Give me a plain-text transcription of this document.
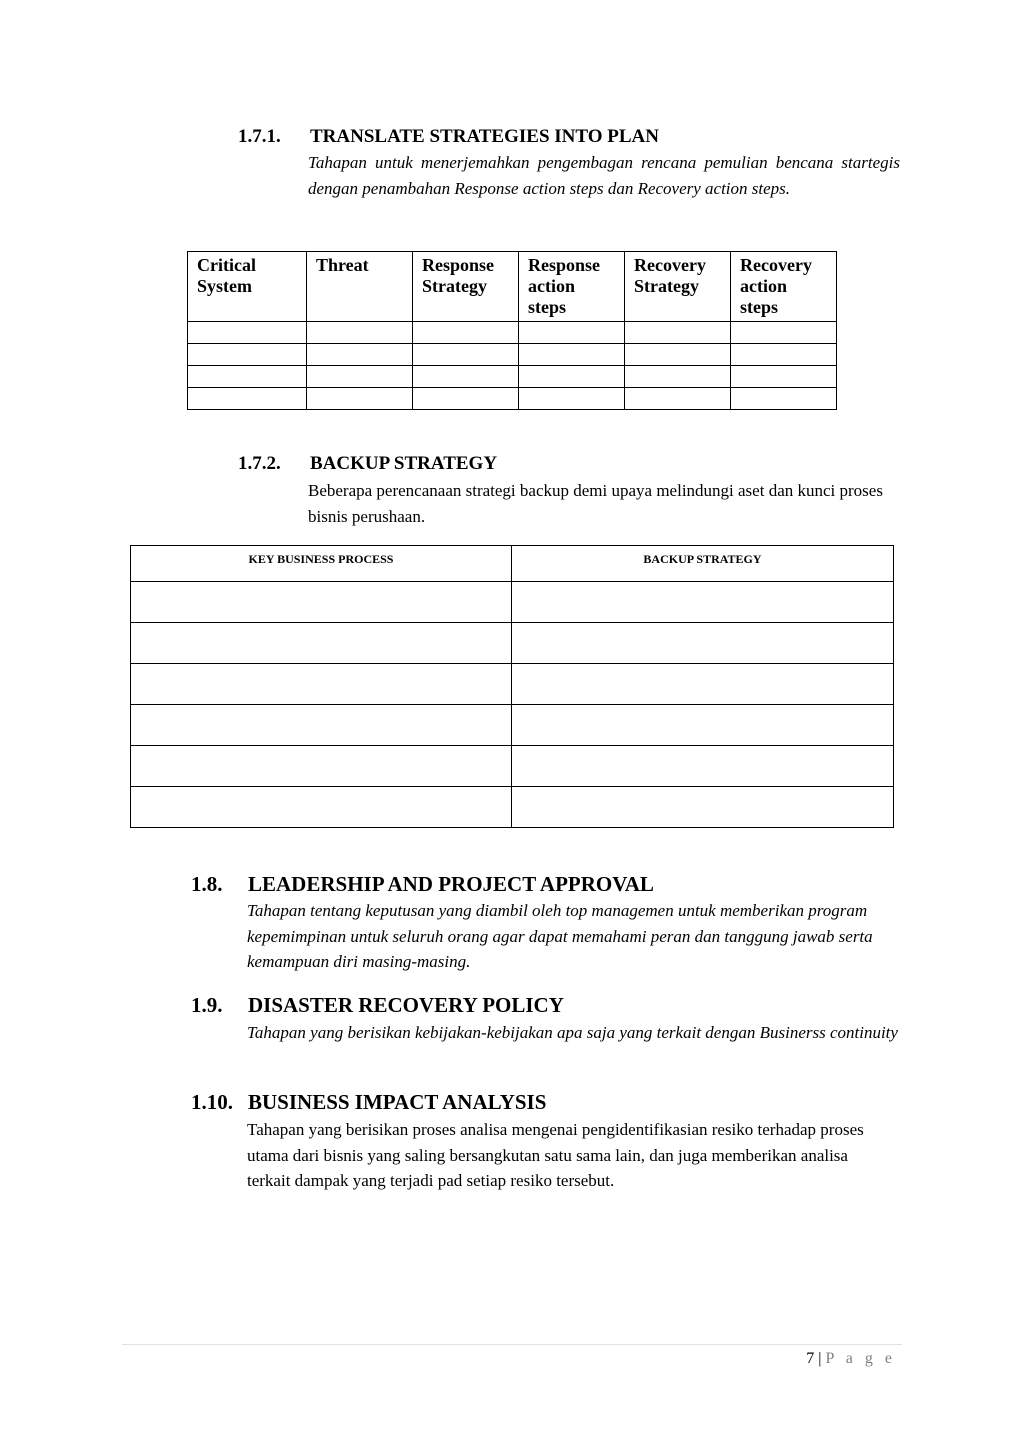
1.7.1. TRANSLATE STRATEGIES INTO PLAN
Tahapan untuk menerjemahkan pengembagan rencana pemulian bencana startegis dengan penambahan Response action steps dan Recovery action steps.
Critical System	Threat	Response Strategy	Response action steps	Recovery Strategy	Recovery action steps

1.7.2. BACKUP STRATEGY
Beberapa perencanaan strategi backup demi upaya melindungi aset dan kunci proses bisnis perushaan.
KEY BUSINESS PROCESS	BACKUP STRATEGY

1.8. LEADERSHIP AND PROJECT APPROVAL
Tahapan tentang keputusan yang diambil oleh top managemen untuk memberikan program kepemimpinan untuk seluruh orang agar dapat memahami peran dan tanggung jawab serta kemampuan diri masing-masing.
1.9. DISASTER RECOVERY POLICY
Tahapan yang berisikan kebijakan-kebijakan apa saja yang terkait dengan Businerss continuity
1.10. BUSINESS IMPACT ANALYSIS
Tahapan yang berisikan proses analisa mengenai pengidentifikasian resiko terhadap proses utama dari bisnis yang saling bersangkutan satu sama lain, dan juga memberikan analisa terkait dampak yang terjadi pad setiap resiko tersebut.
7 | P a g e
